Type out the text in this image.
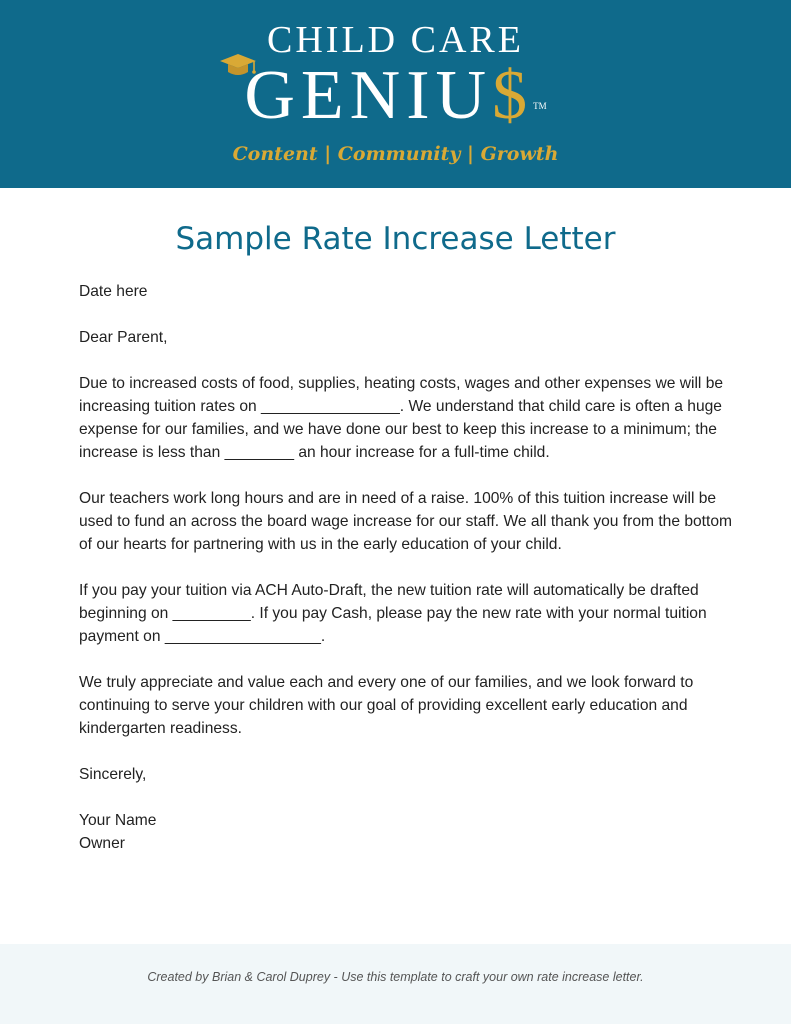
CHILD CARE
GENIU$™
Content | Community | Growth
Sample Rate Increase Letter

Date here

Dear Parent,

Due to increased costs of food, supplies, heating costs, wages and other expenses we will be increasing tuition rates on ________________. We understand that child care is often a huge expense for our families, and we have done our best to keep this increase to a minimum; the increase is less than ________ an hour increase for a full-time child.

Our teachers work long hours and are in need of a raise. 100% of this tuition increase will be used to fund an across the board wage increase for our staff. We all thank you from the bottom of our hearts for partnering with us in the early education of your child.

If you pay your tuition via ACH Auto-Draft, the new tuition rate will automatically be drafted beginning on _________. If you pay Cash, please pay the new rate with your normal tuition payment on __________________.

We truly appreciate and value each and every one of our families, and we look forward to continuing to serve your children with our goal of providing excellent early education and kindergarten readiness.

Sincerely,

Your Name

Owner

Created by Brian & Carol Duprey - Use this template to craft your own rate increase letter.
